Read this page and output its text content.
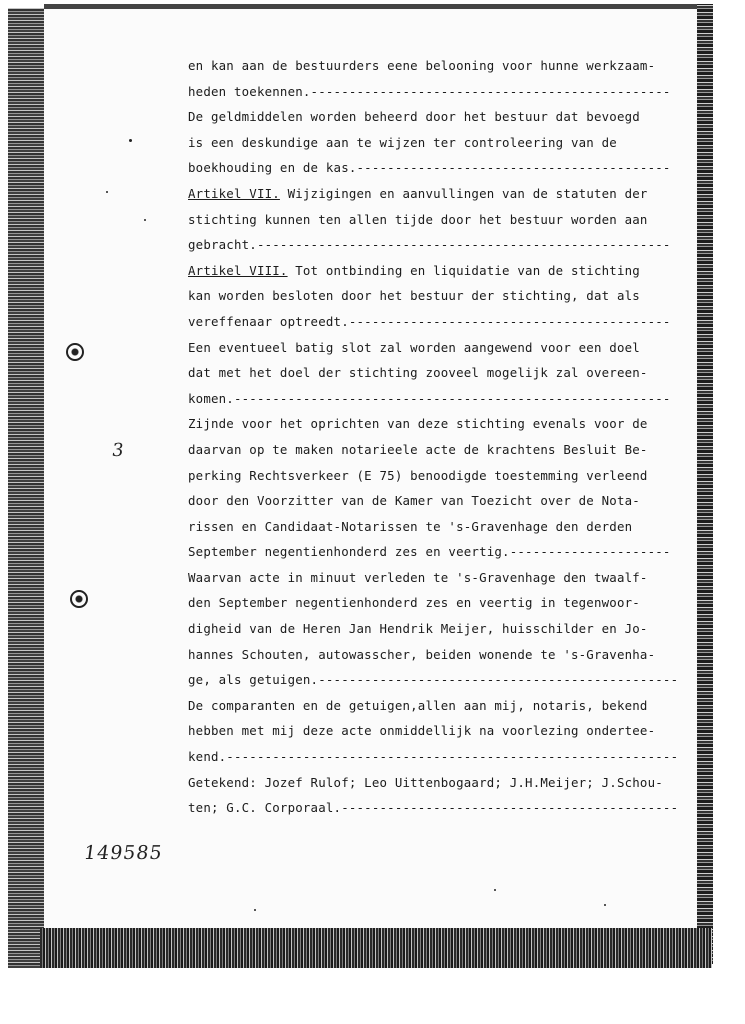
3
149585
en kan aan de bestuurders eene belooning voor hunne werkzaam-
heden toekennen.-----------------------------------------------
De geldmiddelen worden beheerd door het bestuur dat bevoegd
is een deskundige aan te wijzen ter controleering van de
boekhouding en de kas.-----------------------------------------
Artikel VII. Wijzigingen en aanvullingen van de statuten der
stichting kunnen ten allen tijde door het bestuur worden aan
gebracht.------------------------------------------------------
Artikel VIII. Tot ontbinding en liquidatie van de stichting
kan worden besloten door het bestuur der stichting, dat als
vereffenaar optreedt.------------------------------------------
Een eventueel batig slot zal worden aangewend voor een doel
dat met het doel der stichting zooveel mogelijk zal overeen-
komen.---------------------------------------------------------
Zijnde voor het oprichten van deze stichting evenals voor de
daarvan op te maken notarieele acte de krachtens Besluit Be-
perking Rechtsverkeer (E 75) benoodigde toestemming verleend
door den Voorzitter van de Kamer van Toezicht over de Nota-
rissen en Candidaat-Notarissen te 's-Gravenhage den derden
September negentienhonderd zes en veertig.---------------------
Waarvan acte in minuut verleden te 's-Gravenhage den twaalf-
den September negentienhonderd zes en veertig in tegenwoor-
digheid van de Heren Jan Hendrik Meijer, huisschilder en Jo-
hannes Schouten, autowasscher, beiden wonende te 's-Gravenha-
ge, als getuigen.-----------------------------------------------
De comparanten en de getuigen,allen aan mij, notaris, bekend
hebben met mij deze acte onmiddellijk na voorlezing ondertee-
kend.-----------------------------------------------------------
Getekend: Jozef Rulof; Leo Uittenbogaard; J.H.Meijer; J.Schou-
ten; G.C. Corporaal.--------------------------------------------
